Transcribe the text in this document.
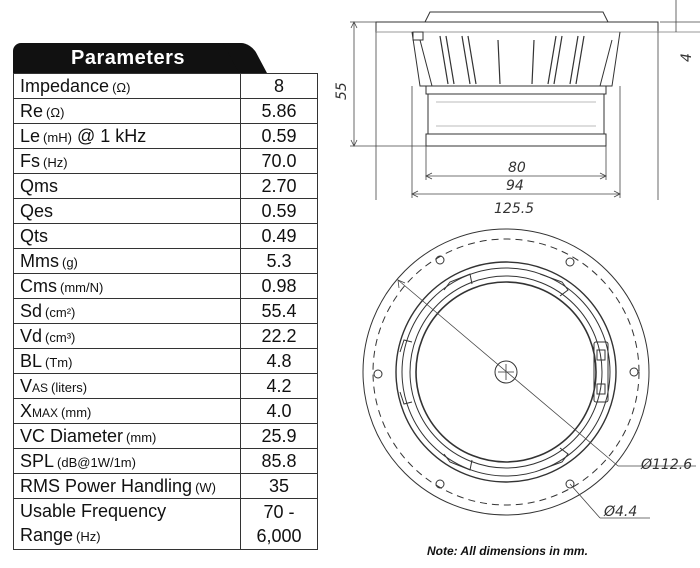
Parameters
Impedance (Ω)	8
Re (Ω)	5.86
Le (mH) @ 1 kHz	0.59
Fs (Hz)	70.0
Qms	2.70
Qes	0.59
Qts	0.49
Mms (g)	5.3
Cms (mm/N)	0.98
Sd (cm²)	55.4
Vd (cm³)	22.2
BL (Tm)	4.8
VAS (liters)	4.2
XMAX (mm)	4.0
VC Diameter (mm)	25.9
SPL (dB@1W/1m)	85.8
RMS Power Handling (W)	35
Usable Frequency
Range (Hz)	70 -
6,000
Note: All dimensions in mm.
55
4
80
94
125.5
Ø112.6
Ø4.4
